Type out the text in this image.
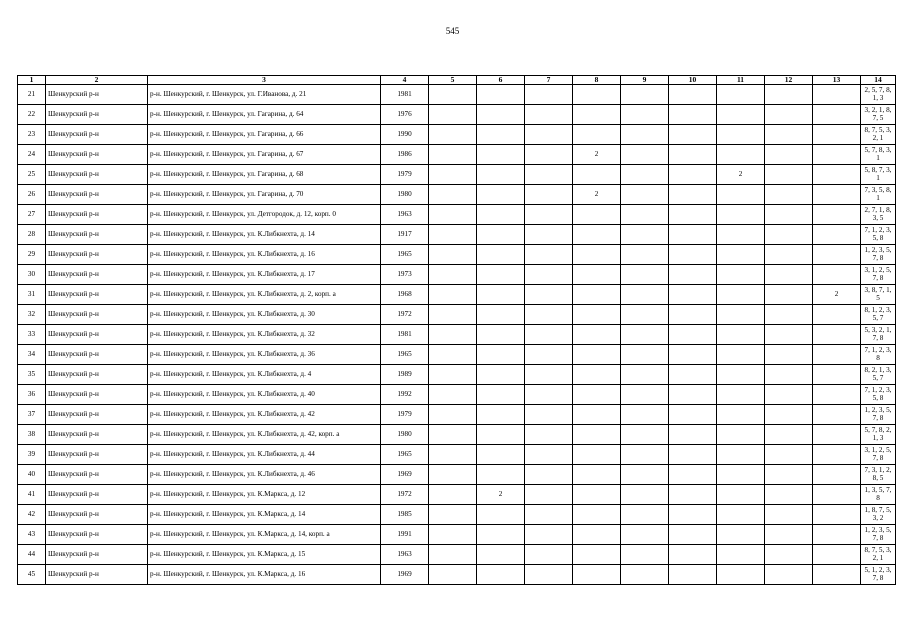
545
1	2	3	4	5	6	7	8	9	10	11	12	13	14
21	Шенкурский р-н	р-н. Шенкурский, г. Шенкурск, ул. Г.Иванова, д. 21	1981										2, 5, 7, 8, 1, 3
22	Шенкурский р-н	р-н. Шенкурский, г. Шенкурск, ул. Гагарина, д. 64	1976										3, 2, 1, 8, 7, 5
23	Шенкурский р-н	р-н. Шенкурский, г. Шенкурск, ул. Гагарина, д. 66	1990										8, 7, 5, 3, 2, 1
24	Шенкурский р-н	р-н. Шенкурский, г. Шенкурск, ул. Гагарина, д. 67	1986				2						5, 7, 8, 3, 1
25	Шенкурский р-н	р-н. Шенкурский, г. Шенкурск, ул. Гагарина, д. 68	1979							2			5, 8, 7, 3, 1
26	Шенкурский р-н	р-н. Шенкурский, г. Шенкурск, ул. Гагарина, д. 70	1980				2						7, 3, 5, 8, 1
27	Шенкурский р-н	р-н. Шенкурский, г. Шенкурск, ул. Детгородок, д. 12, корп. 0	1963										2, 7, 1, 8, 3, 5
28	Шенкурский р-н	р-н. Шенкурский, г. Шенкурск, ул. К.Либкнехта, д. 14	1917										7, 1, 2, 3, 5, 8
29	Шенкурский р-н	р-н. Шенкурский, г. Шенкурск, ул. К.Либкнехта, д. 16	1965										1, 2, 3, 5, 7, 8
30	Шенкурский р-н	р-н. Шенкурский, г. Шенкурск, ул. К.Либкнехта, д. 17	1973										3, 1, 2, 5, 7, 8
31	Шенкурский р-н	р-н. Шенкурский, г. Шенкурск, ул. К.Либкнехта, д. 2, корп. а	1968									2	3, 8, 7, 1, 5
32	Шенкурский р-н	р-н. Шенкурский, г. Шенкурск, ул. К.Либкнехта, д. 30	1972										8, 1, 2, 3, 5, 7
33	Шенкурский р-н	р-н. Шенкурский, г. Шенкурск, ул. К.Либкнехта, д. 32	1981										5, 3, 2, 1, 7, 8
34	Шенкурский р-н	р-н. Шенкурский, г. Шенкурск, ул. К.Либкнехта, д. 36	1965										7, 1, 2, 3, 8
35	Шенкурский р-н	р-н. Шенкурский, г. Шенкурск, ул. К.Либкнехта, д. 4	1989										8, 2, 1, 3, 5, 7
36	Шенкурский р-н	р-н. Шенкурский, г. Шенкурск, ул. К.Либкнехта, д. 40	1992										7, 1, 2, 3, 5, 8
37	Шенкурский р-н	р-н. Шенкурский, г. Шенкурск, ул. К.Либкнехта, д. 42	1979										1, 2, 3, 5, 7, 8
38	Шенкурский р-н	р-н. Шенкурский, г. Шенкурск, ул. К.Либкнехта, д. 42, корп. а	1980										5, 7, 8, 2, 1, 3
39	Шенкурский р-н	р-н. Шенкурский, г. Шенкурск, ул. К.Либкнехта, д. 44	1965										3, 1, 2, 5, 7, 8
40	Шенкурский р-н	р-н. Шенкурский, г. Шенкурск, ул. К.Либкнехта, д. 46	1969										7, 3, 1, 2, 8, 5
41	Шенкурский р-н	р-н. Шенкурский, г. Шенкурск, ул. К.Маркса, д. 12	1972		2								1, 3, 5, 7, 8
42	Шенкурский р-н	р-н. Шенкурский, г. Шенкурск, ул. К.Маркса, д. 14	1985										1, 8, 7, 5, 3, 2
43	Шенкурский р-н	р-н. Шенкурский, г. Шенкурск, ул. К.Маркса, д. 14, корп. а	1991										1, 2, 3, 5, 7, 8
44	Шенкурский р-н	р-н. Шенкурский, г. Шенкурск, ул. К.Маркса, д. 15	1963										8, 7, 5, 3, 2, 1
45	Шенкурский р-н	р-н. Шенкурский, г. Шенкурск, ул. К.Маркса, д. 16	1969										5, 1, 2, 3, 7, 8
